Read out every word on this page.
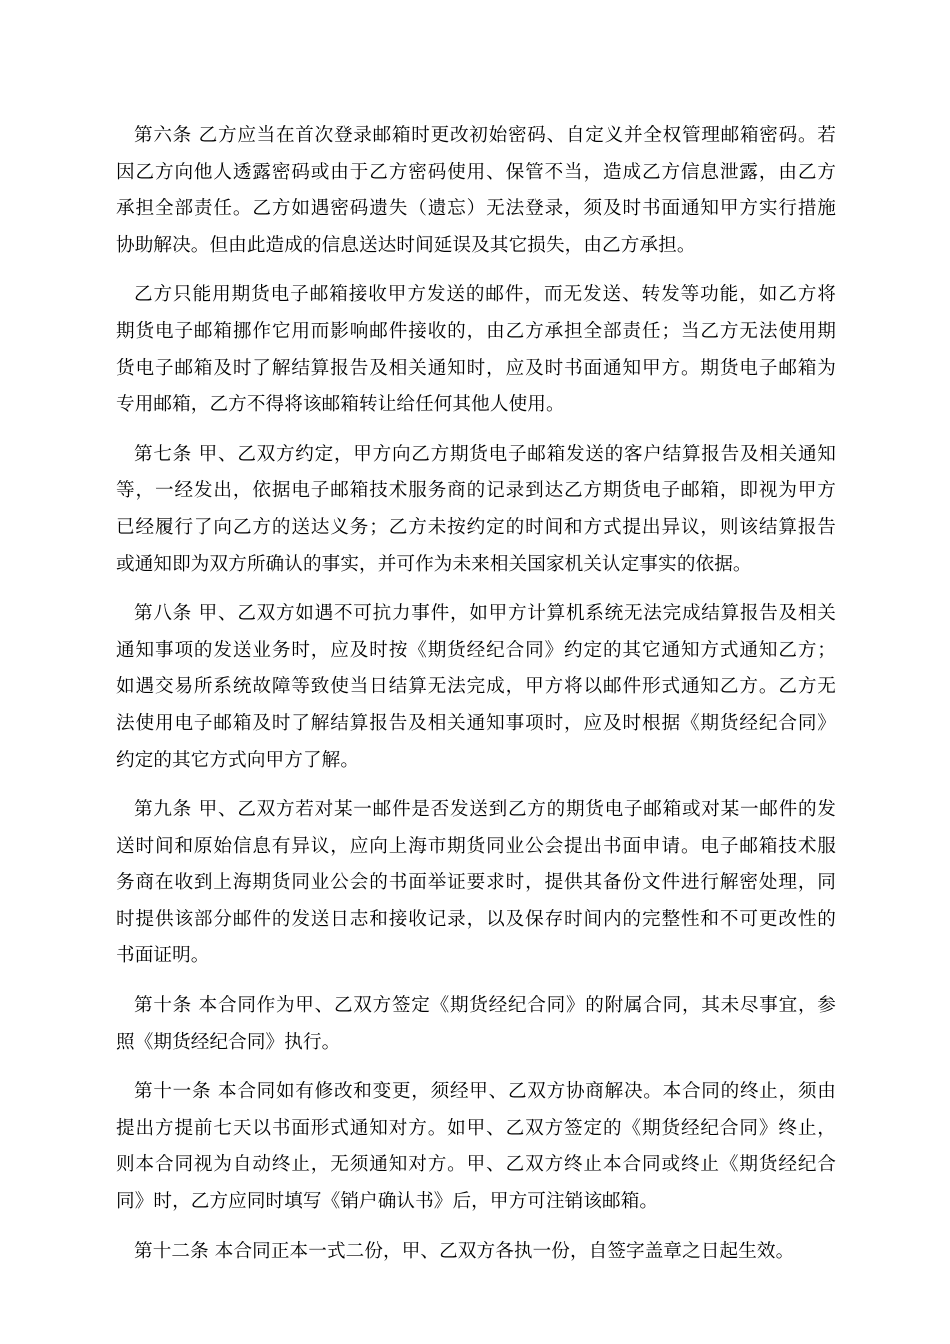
第六条 乙方应当在首次登录邮箱时更改初始密码、自定义并全权管理邮箱密码。若
因乙方向他人透露密码或由于乙方密码使用、保管不当，造成乙方信息泄露，由乙方
承担全部责任。乙方如遇密码遗失（遗忘）无法登录，须及时书面通知甲方实行措施
协助解决。但由此造成的信息送达时间延误及其它损失，由乙方承担。
乙方只能用期货电子邮箱接收甲方发送的邮件，而无发送、转发等功能，如乙方将
期货电子邮箱挪作它用而影响邮件接收的，由乙方承担全部责任；当乙方无法使用期
货电子邮箱及时了解结算报告及相关通知时，应及时书面通知甲方。期货电子邮箱为
专用邮箱，乙方不得将该邮箱转让给任何其他人使用。
第七条 甲、乙双方约定，甲方向乙方期货电子邮箱发送的客户结算报告及相关通知
等，一经发出，依据电子邮箱技术服务商的记录到达乙方期货电子邮箱，即视为甲方
已经履行了向乙方的送达义务；乙方未按约定的时间和方式提出异议，则该结算报告
或通知即为双方所确认的事实，并可作为未来相关国家机关认定事实的依据。
第八条 甲、乙双方如遇不可抗力事件，如甲方计算机系统无法完成结算报告及相关
通知事项的发送业务时，应及时按《期货经纪合同》约定的其它通知方式通知乙方；
如遇交易所系统故障等致使当日结算无法完成，甲方将以邮件形式通知乙方。乙方无
法使用电子邮箱及时了解结算报告及相关通知事项时，应及时根据《期货经纪合同》
约定的其它方式向甲方了解。
第九条 甲、乙双方若对某一邮件是否发送到乙方的期货电子邮箱或对某一邮件的发
送时间和原始信息有异议，应向上海市期货同业公会提出书面申请。电子邮箱技术服
务商在收到上海期货同业公会的书面举证要求时，提供其备份文件进行解密处理，同
时提供该部分邮件的发送日志和接收记录，以及保存时间内的完整性和不可更改性的
书面证明。
第十条 本合同作为甲、乙双方签定《期货经纪合同》的附属合同，其未尽事宜，参
照《期货经纪合同》执行。
第十一条 本合同如有修改和变更，须经甲、乙双方协商解决。本合同的终止，须由
提出方提前七天以书面形式通知对方。如甲、乙双方签定的《期货经纪合同》终止，
则本合同视为自动终止，无须通知对方。甲、乙双方终止本合同或终止《期货经纪合
同》时，乙方应同时填写《销户确认书》后，甲方可注销该邮箱。
第十二条 本合同正本一式二份，甲、乙双方各执一份，自签字盖章之日起生效。
